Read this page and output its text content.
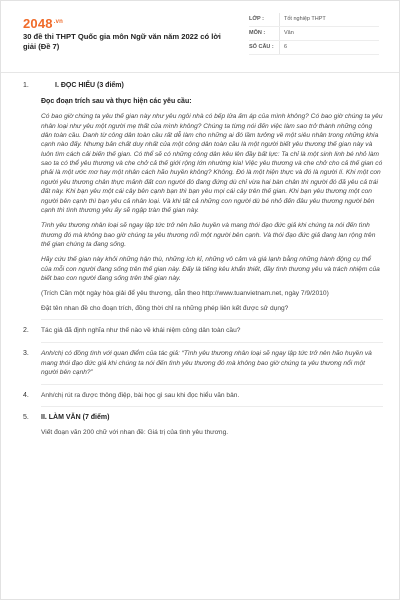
$2048^{.vn}$
30 đề thi THPT Quốc gia môn Ngữ văn năm 2022 có lời giải (Đề 7)
LỚP :	Tốt nghiệp THPT
MÔN :	Văn
SỐ CÂU :	6
1.	I. ĐỌC HIỂU (3 điểm)
Đọc đoạn trích sau và thực hiện các yêu cầu:
Có bao giờ chúng ta yêu thế gian này như yêu ngôi nhà có bếp lửa ấm áp của mình không? Có bao giờ chúng ta yêu nhân loại như yêu một người mẹ thất của mình không? Chúng ta từng nói đến việc làm sao trở thành những công dân toàn cầu. Danh từ công dân toàn cầu rất dễ làm cho những ai đó lầm tưởng về một siêu nhân trong những khía cạnh nào đấy. Nhưng bản chất duy nhất của một công dân toàn cầu là một người biết yêu thương thế gian này và luôn tìm cách cải biến thế gian. Có thể sẽ có những công dân kêu lên đầy bất lực: Ta chỉ là một sinh linh bé nhỏ làm sao ta có thể yêu thương và che chở cả thế giới rộng lớn nhường kia! Việc yêu thương và che chở cho cả thế gian có phải là một ước mơ hay một nhân cách hão huyền không? Không. Đó là một hiện thực và đó là người lí. Khi một con người yêu thương chân thực mảnh đất con người đó đang đứng dù chỉ vừa hai bàn chân thì người đó đã yêu cả trái đất này. Khi bạn yêu một cái cây bên cạnh bạn thì bạn yêu mọi cái cây trên thế gian. Khi bạn yêu thương một con người bên cạnh thì bạn yêu cả nhân loại. Và khi tất cả những con người dù bé nhỏ đến đâu yêu thương người bên cạnh thì tình thương yêu ấy sẽ ngập tràn thế gian này.
Tình yêu thương nhân loại sẽ ngay lập tức trở nên hão huyền và mang thói đạo đức giả khi chúng ta nói đến tình thương đó mà không bao giờ chúng ta yêu thương nổi một người bên cạnh. Và thói đạo đức giả đang lan rộng trên thế gian chúng ta đang sống.
Hãy cứu thế gian này khỏi những hận thù, những ích kỉ, những vô cảm và giá lạnh bằng những hành động cụ thể của mỗi con người đang sống trên thế gian này. Đấy là tiếng kêu khẩn thiết, đầy tình thương yêu và trách nhiệm của biết bao con người đang sống trên thế gian này.
(Trích Cần một ngày hòa giải để yêu thương, dẫn theo http://www.tuanvietnam.net, ngày 7/9/2010)
Đặt tên nhan đề cho đoạn trích, đồng thời chỉ ra những phép liên kết được sử dụng?
2. Tác giả đã định nghĩa như thế nào về khái niệm công dân toàn cầu?
3. Anh/chị có đồng tình với quan điểm của tác giả: “Tình yêu thương nhân loại sẽ ngay lập tức trở nên hão huyền và mang thói đạo đức giả khi chúng ta nói đến tình yêu thương đó mà không bao giờ chúng ta yêu thương nổi một người bên cạnh?”
4. Anh/chị rút ra được thông điệp, bài học gì sau khi đọc hiểu văn bản.
5. II. LÀM VĂN (7 điểm)
Viết đoạn văn 200 chữ với nhan đề: Giá trị của tình yêu thương.
